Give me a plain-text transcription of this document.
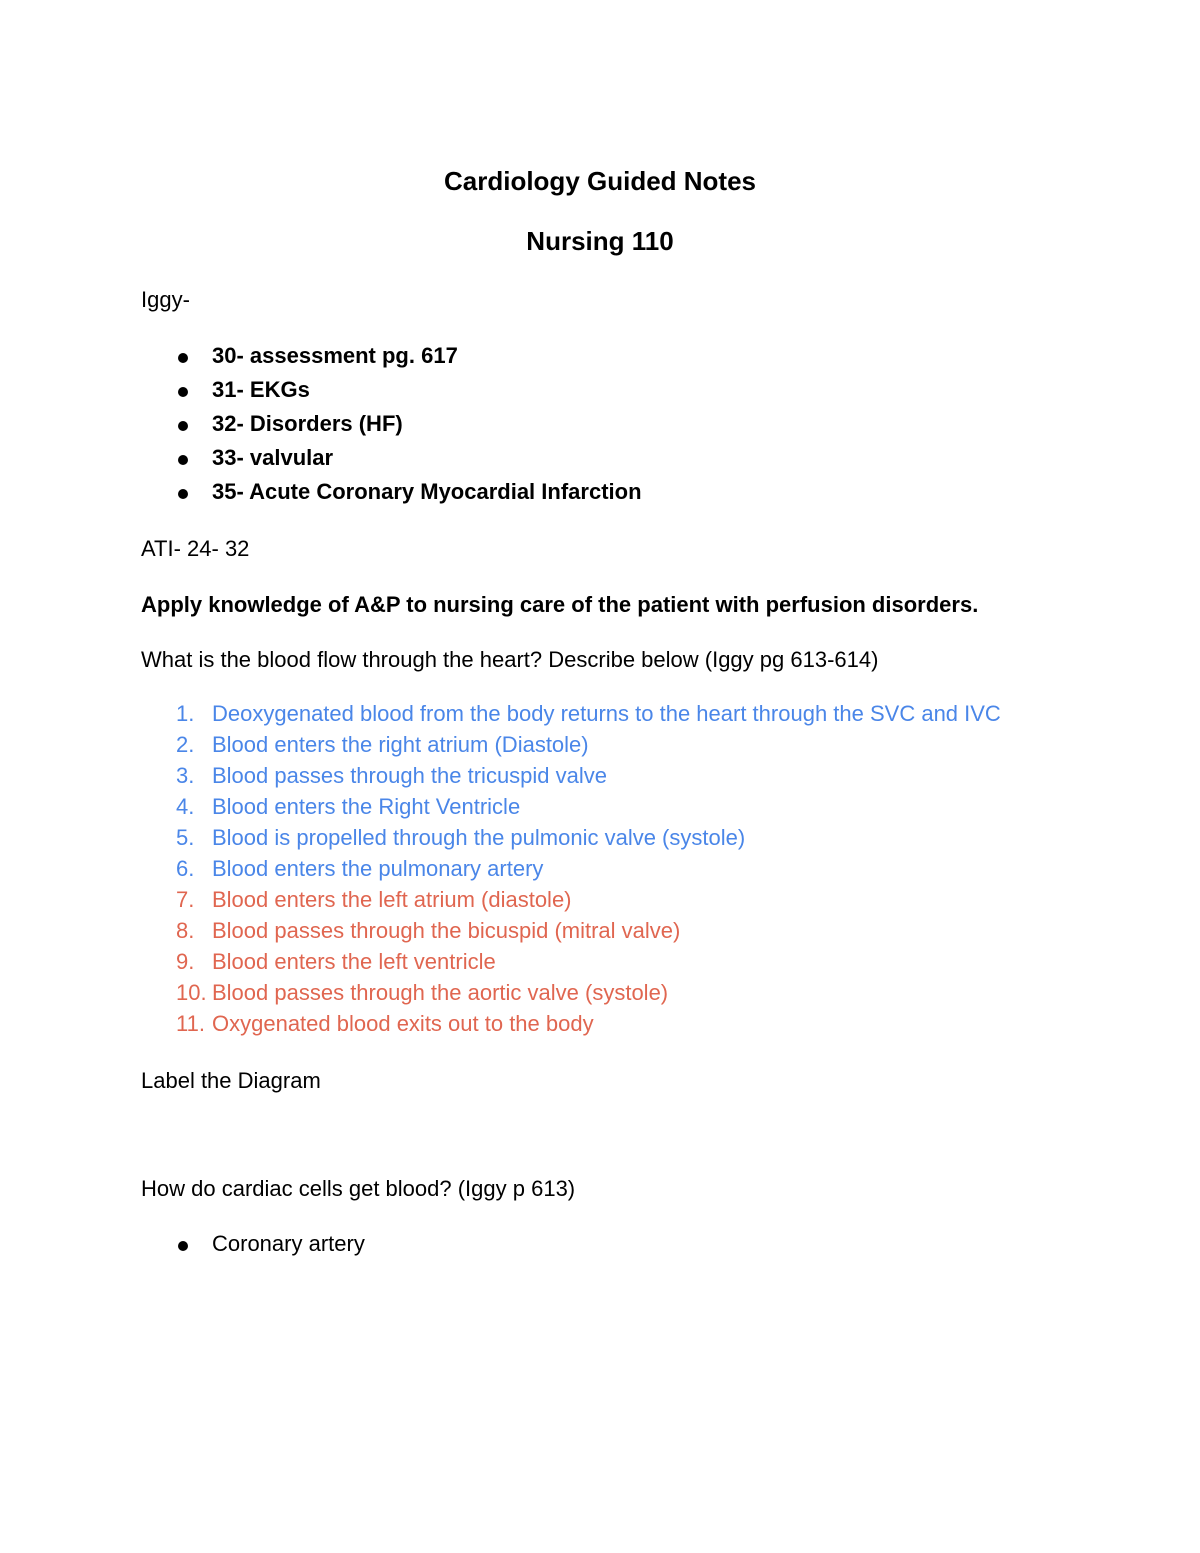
Cardiology Guided Notes
Nursing 110
Iggy-
30- assessment pg. 617
31- EKGs
32- Disorders (HF)
33- valvular
35- Acute Coronary Myocardial Infarction
ATI- 24- 32
Apply knowledge of A&P to nursing care of the patient with perfusion disorders.
What is the blood flow through the heart? Describe below (Iggy pg 613-614)
1. Deoxygenated blood from the body returns to the heart through the SVC and IVC
2. Blood enters the right atrium (Diastole)
3. Blood passes through the tricuspid valve
4. Blood enters the Right Ventricle
5. Blood is propelled through the pulmonic valve (systole)
6. Blood enters the pulmonary artery
7. Blood enters the left atrium (diastole)
8. Blood passes through the bicuspid (mitral valve)
9. Blood enters the left ventricle
10. Blood passes through the aortic valve (systole)
11. Oxygenated blood exits out to the body
Label the Diagram
How do cardiac cells get blood? (Iggy p 613)
Coronary artery
